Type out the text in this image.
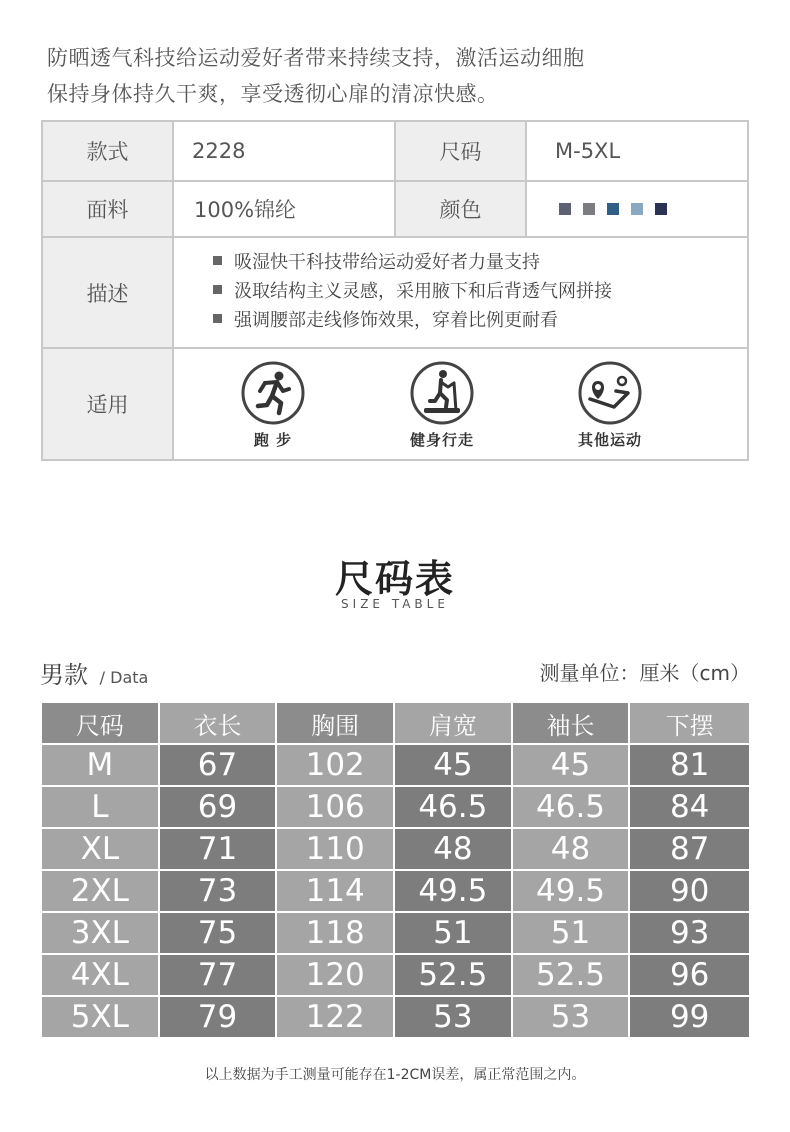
防晒透气科技给运动爱好者带来持续支持，激活运动细胞

保持身体持久干爽，享受透彻心扉的清凉快感。

款式	2228	尺码	M-5XL
面料	100%锦纶	颜色
描述
吸湿快干科技带给运动爱好者力量支持
汲取结构主义灵感，采用腋下和后背透气网拼接
强调腰部走线修饰效果，穿着比例更耐看
适用
跑 步	健身行走	其他运动
尺码表
SIZE TABLE
男款 / Data	测量单位：厘米（cm）
尺码	衣长	胸围	肩宽	袖长	下摆
M	67	102	45	45	81
L	69	106	46.5	46.5	84
XL	71	110	48	48	87
2XL	73	114	49.5	49.5	90
3XL	75	118	51	51	93
4XL	77	120	52.5	52.5	96
5XL	79	122	53	53	99
以上数据为手工测量可能存在1-2CM误差，属正常范围之内。
